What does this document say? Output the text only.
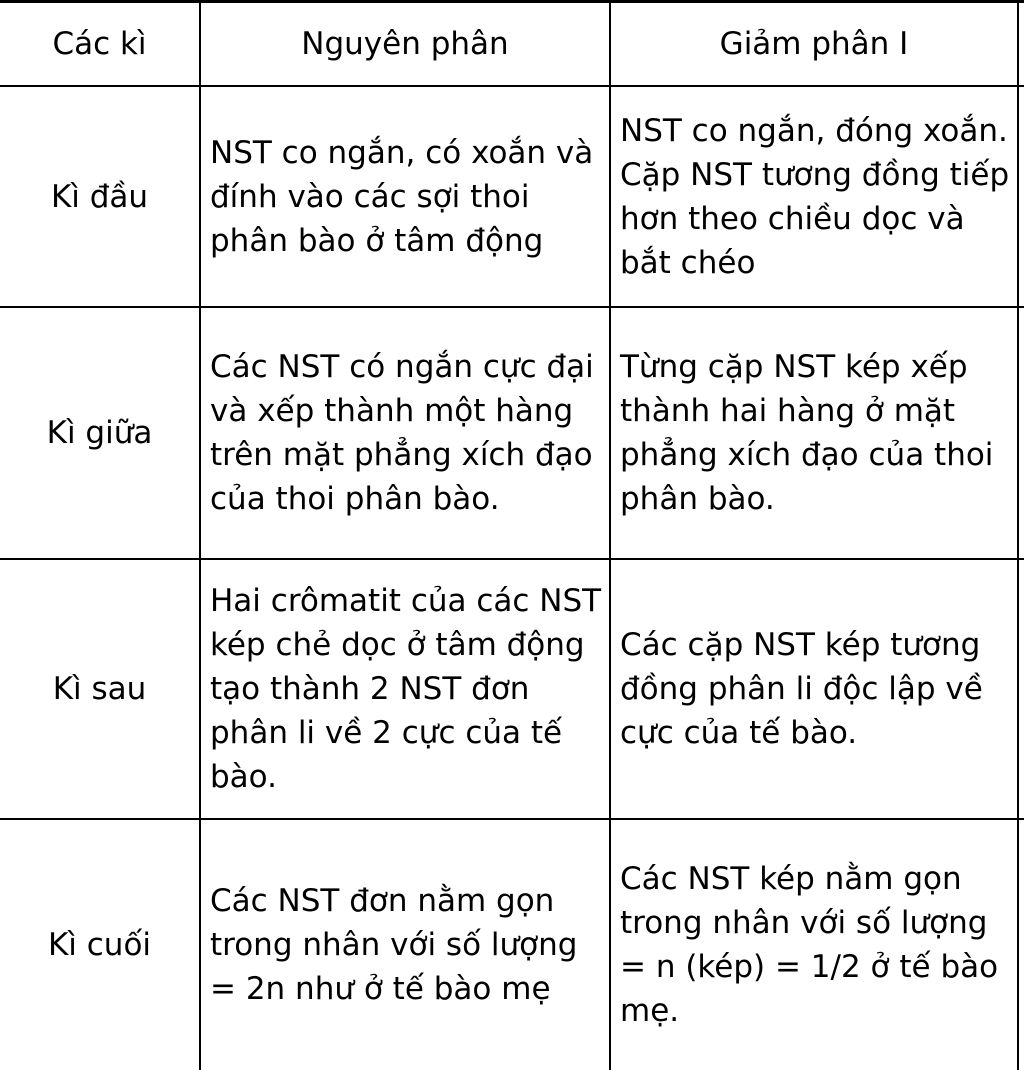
Các kì	Nguyên phân	Giảm phân I
Kì đầu
NST co ngắn, có xoắn và đính vào các sợi thoi phân bào ở tâm động
NST co ngắn, đóng xoắn. Cặp NST tương đồng tiếp hơn theo chiều dọc và bắt chéo
Kì giữa
Các NST có ngắn cực đại và xếp thành một hàng trên mặt phẳng xích đạo của thoi phân bào.
Từng cặp NST kép xếp thành hai hàng ở mặt phẳng xích đạo của thoi phân bào.
Kì sau
Hai crômatit của các NST kép chẻ dọc ở tâm động tạo thành 2 NST đơn phân li về 2 cực của tế bào.
Các cặp NST kép tương đồng phân li độc lập về cực của tế bào.
Kì cuối
Các NST đơn nằm gọn trong nhân với số lượng = 2n như ở tế bào mẹ
Các NST kép nằm gọn trong nhân với số lượng = n (kép) = 1/2 ở tế bào mẹ.
